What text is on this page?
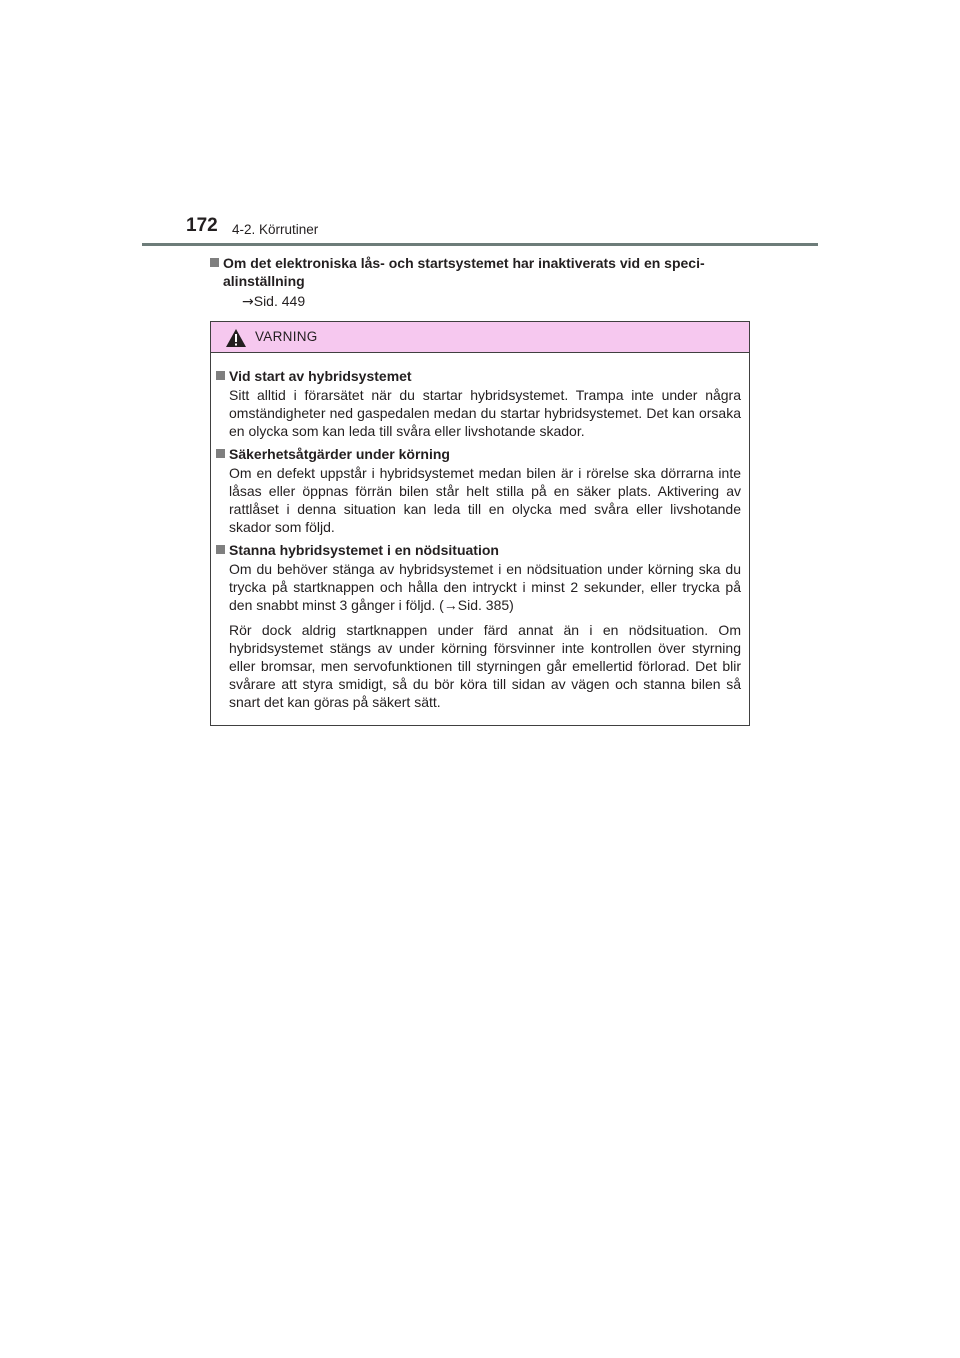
172 4-2. Körrutiner
Om det elektroniska lås- och startsystemet har inaktiverats vid en speci-
alinställning
→Sid. 449
VARNING
Vid start av hybridsystemet
Sitt alltid i förarsätet när du startar hybridsystemet. Trampa inte under några omständigheter ned gaspedalen medan du startar hybridsystemet. Det kan orsaka en olycka som kan leda till svåra eller livshotande skador.
Säkerhetsåtgärder under körning
Om en defekt uppstår i hybridsystemet medan bilen är i rörelse ska dörrarna inte låsas eller öppnas förrän bilen står helt stilla på en säker plats. Aktivering av rattlåset i denna situation kan leda till en olycka med svåra eller livshotande skador som följd.
Stanna hybridsystemet i en nödsituation
Om du behöver stänga av hybridsystemet i en nödsituation under körning ska du trycka på startknappen och hålla den intryckt i minst 2 sekunder, eller trycka på den snabbt minst 3 gånger i följd. (→Sid. 385)
Rör dock aldrig startknappen under färd annat än i en nödsituation. Om hybridsystemet stängs av under körning försvinner inte kontrollen över styrning eller bromsar, men servofunktionen till styrningen går emellertid förlorad. Det blir svårare att styra smidigt, så du bör köra till sidan av vägen och stanna bilen så snart det kan göras på säkert sätt.
